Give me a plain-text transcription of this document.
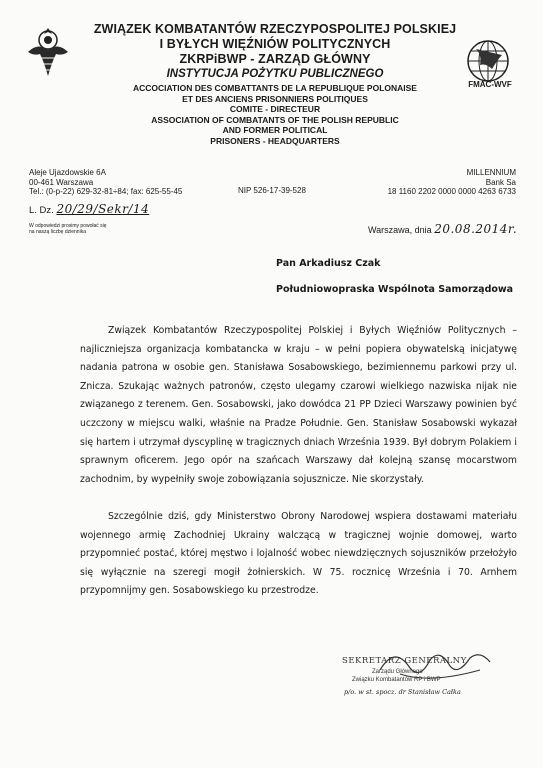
FMAC-WVF
ZWIĄZEK KOMBATANTÓW RZECZYPOSPOLITEJ POLSKIEJ
I BYŁYCH WIĘŹNIÓW POLITYCZNYCH
ZKRPiBWP - ZARZĄD GŁÓWNY
INSTYTUCJA POŻYTKU PUBLICZNEGO
ACCOCIATION DES COMBATTANTS DE LA REPUBLIQUE POLONAISE
ET DES ANCIENS PRISONNIERS POLITIQUES
COMITE - DIRECTEUR
ASSOCIATION OF COMBATANTS OF THE POLISH REPUBLIC
AND FORMER POLITICAL
PRISONERS - HEADQUARTERS
Aleje Ujazdowskie 6A
00-461 Warszawa
Tel.: (0-p-22) 629-32-81÷84; fax: 625-55-45	NIP 526-17-39-528
MILLENNIUM
Bank Sa
18 1160 2202 0000 0000 4263 6733
L. Dz. 20/29/Sekr/14
W odpowiedzi prosimy powołać się
na naszą liczbę dziennika	Warszawa, dnia 20.08.2014r.
Pan Arkadiusz Czak
Południowopraska Wspólnota Samorządowa

Związek Kombatantów Rzeczypospolitej Polskiej i Byłych Więźniów Politycznych – najliczniejsza organizacja kombatancka w kraju – w pełni popiera obywatelską inicjatywę nadania patrona w osobie gen. Stanisława Sosabowskiego, bezimiennemu parkowi przy ul. Znicza. Szukając ważnych patronów, często ulegamy czarowi wielkiego nazwiska nijak nie związanego z terenem. Gen. Sosabowski, jako dowódca 21 PP Dzieci Warszawy powinien być uczczony w miejscu walki, właśnie na Pradze Południe. Gen. Stanisław Sosabowski wykazał się hartem i utrzymał dyscyplinę w tragicznych dniach Września 1939. Był dobrym Polakiem i sprawnym oficerem. Jego opór na szańcach Warszawy dał kolejną szansę mocarstwom zachodnim, by wypełniły swoje zobowiązania sojusznicze. Nie skorzystały.

Szczególnie dziś, gdy Ministerstwo Obrony Narodowej wspiera dostawami materiału wojennego armię Zachodniej Ukrainy walczącą w tragicznej wojnie domowej, warto przypomnieć postać, której męstwo i lojalność wobec niewdzięcznych sojuszników przełożyło się wyłącznie na szeregi mogił żołnierskich. W 75. rocznicę Września i 70. Arnhem przypomnijmy gen. Sosabowskiego ku przestrodze.

SEKRETARZ GENERALNY
Zarządu Głównego
Związku Kombatantów RP i BWP
p/o. w st. spocz. dr Stanisław Całka
